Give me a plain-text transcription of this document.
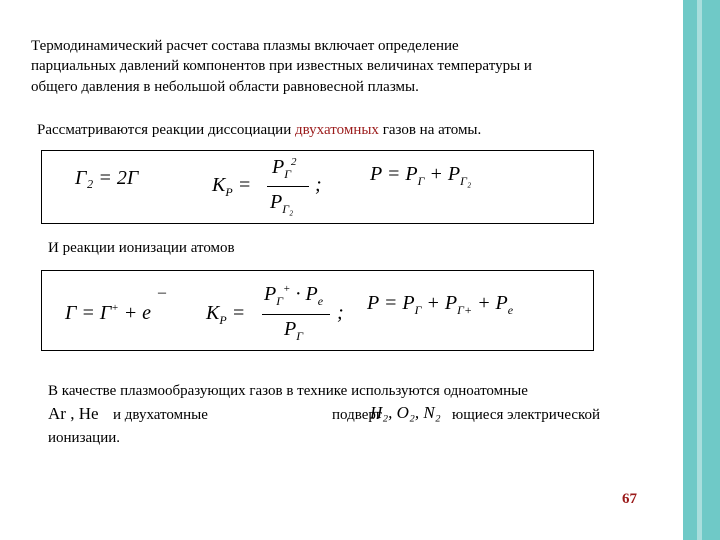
Термодинамический расчет состава плазмы включает определение
парциальных давлений компонентов при известных величинах температуры и
общего давления в небольшой области равновесной плазмы.
Рассматриваются реакции диссоциации двухатомных газов на атомы.
Г₂ = 2Г	$K_P$ =
$P_Г^2$
$P_{Г_2}$
; $P = P_Г + P_{Г_2}$
И реакции ионизации атомов
Г = Г+ + e
–
$K_P$ =
$P_Г^+ \cdot P_e$
$P_Г$
; $P = P_Г + P_{Г+} + P_e$
В качестве плазмообразующих газов в технике используются одноатомные
Ar , He и двухатомные	подверг
H₂, O₂, N₂ ющиеся электрической
ионизации.
67
